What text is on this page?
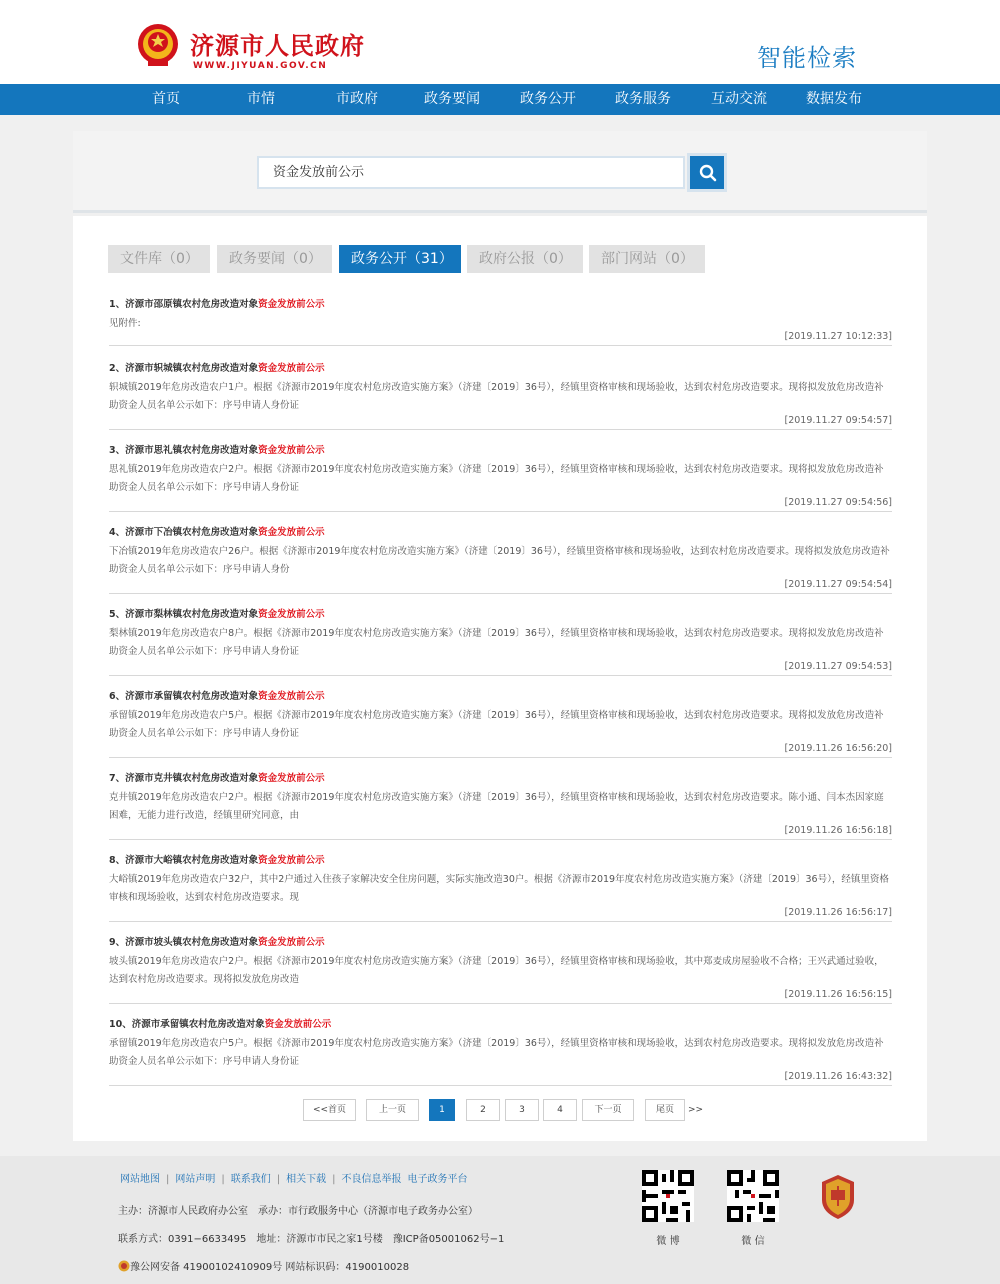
济源市人民政府
WWW.JIYUAN.GOV.CN	智能检索
首页	市情	市政府	政务要闻	政务公开	政务服务	互动交流	数据发布
资金发放前公示
文件库（0）	政务要闻（0）	政务公开（31）	政府公报（0）	部门网站（0）
1、济源市邵原镇农村危房改造对象资金发放前公示
见附件:
[2019.11.27 10:12:33]
2、济源市轵城镇农村危房改造对象资金发放前公示
轵城镇2019年危房改造农户1户。根据《济源市2019年度农村危房改造实施方案》（济建〔2019〕36号），经镇里资格审核和现场验收，达到农村危房改造要求。现将拟发放危房改造补助资金人员名单公示如下：序号申请人身份证
[2019.11.27 09:54:57]
3、济源市思礼镇农村危房改造对象资金发放前公示
思礼镇2019年危房改造农户2户。根据《济源市2019年度农村危房改造实施方案》（济建〔2019〕36号），经镇里资格审核和现场验收，达到农村危房改造要求。现将拟发放危房改造补助资金人员名单公示如下：序号申请人身份证
[2019.11.27 09:54:56]
4、济源市下冶镇农村危房改造对象资金发放前公示
下冶镇2019年危房改造农户26户。根据《济源市2019年度农村危房改造实施方案》（济建〔2019〕36号），经镇里资格审核和现场验收，达到农村危房改造要求。现将拟发放危房改造补助资金人员名单公示如下：序号申请人身份
[2019.11.27 09:54:54]
5、济源市梨林镇农村危房改造对象资金发放前公示
梨林镇2019年危房改造农户8户。根据《济源市2019年度农村危房改造实施方案》（济建〔2019〕36号），经镇里资格审核和现场验收，达到农村危房改造要求。现将拟发放危房改造补助资金人员名单公示如下：序号申请人身份证
[2019.11.27 09:54:53]
6、济源市承留镇农村危房改造对象资金发放前公示
承留镇2019年危房改造农户5户。根据《济源市2019年度农村危房改造实施方案》（济建〔2019〕36号），经镇里资格审核和现场验收，达到农村危房改造要求。现将拟发放危房改造补助资金人员名单公示如下：序号申请人身份证
[2019.11.26 16:56:20]
7、济源市克井镇农村危房改造对象资金发放前公示
克井镇2019年危房改造农户2户。根据《济源市2019年度农村危房改造实施方案》（济建〔2019〕36号），经镇里资格审核和现场验收，达到农村危房改造要求。陈小通、闫本杰因家庭困难，无能力进行改造，经镇里研究同意，由
[2019.11.26 16:56:18]
8、济源市大峪镇农村危房改造对象资金发放前公示
大峪镇2019年危房改造农户32户，其中2户通过入住孩子家解决安全住房问题，实际实施改造30户。根据《济源市2019年度农村危房改造实施方案》（济建〔2019〕36号），经镇里资格审核和现场验收，达到农村危房改造要求。现
[2019.11.26 16:56:17]
9、济源市坡头镇农村危房改造对象资金发放前公示
坡头镇2019年危房改造农户2户。根据《济源市2019年度农村危房改造实施方案》（济建〔2019〕36号），经镇里资格审核和现场验收，其中郑麦成房屋验收不合格；王兴武通过验收，达到农村危房改造要求。现将拟发放危房改造
[2019.11.26 16:56:15]
10、济源市承留镇农村危房改造对象资金发放前公示
承留镇2019年危房改造农户5户。根据《济源市2019年度农村危房改造实施方案》（济建〔2019〕36号），经镇里资格审核和现场验收，达到农村危房改造要求。现将拟发放危房改造补助资金人员名单公示如下：序号申请人身份证
[2019.11.26 16:43:32]
<<首页	上一页	1	2	3	4	下一页	尾页	>>
网站地图 | 网站声明 | 联系我们 | 相关下载 | 不良信息举报 电子政务平台
主办：济源市人民政府办公室　承办：市行政服务中心（济源市电子政务办公室）
联系方式：0391−6633495　地址：济源市市民之家1号楼　豫ICP备05001062号−1
豫公网安备 41900102410909号 网站标识码：4190010028
微 博	微 信
